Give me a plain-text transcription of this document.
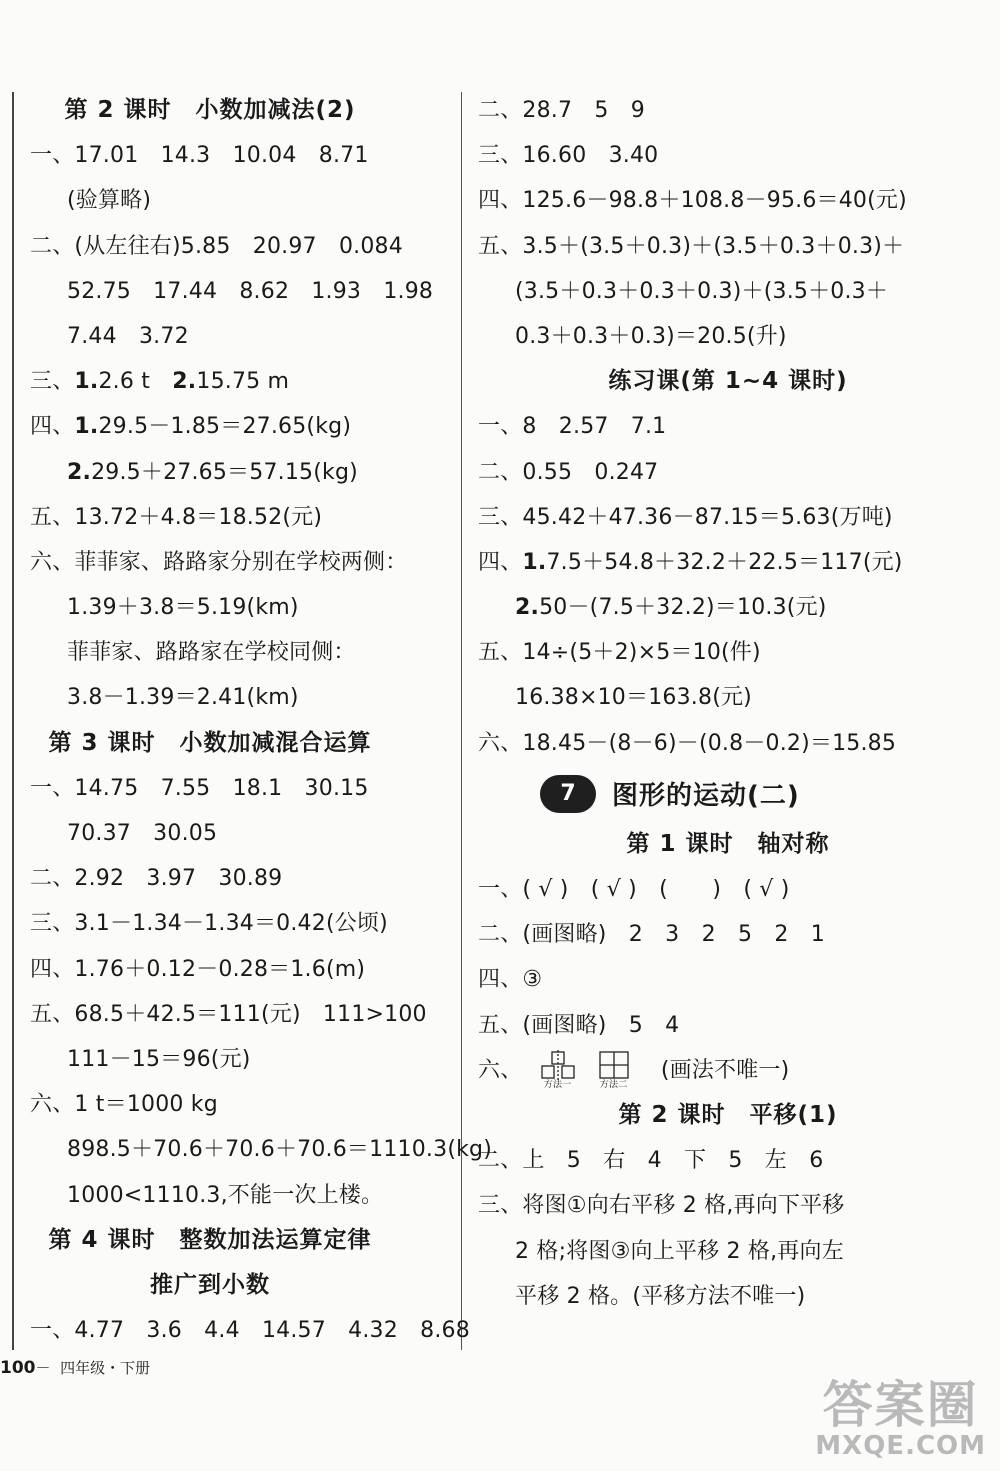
第 2 课时　小数加减法(2)
一、17.01　14.3　10.04　8.71
(验算略)
二、(从左往右)5.85　20.97　0.084
52.75　17.44　8.62　1.93　1.98
7.44　3.72
三、1.2.6 t　2.15.75 m
四、1.29.5－1.85＝27.65(kg)
2.29.5＋27.65＝57.15(kg)
五、13.72＋4.8＝18.52(元)
六、菲菲家、路路家分别在学校两侧：
1.39＋3.8＝5.19(km)
菲菲家、路路家在学校同侧：
3.8－1.39＝2.41(km)
第 3 课时　小数加减混合运算
一、14.75　7.55　18.1　30.15
70.37　30.05
二、2.92　3.97　30.89
三、3.1－1.34－1.34＝0.42(公顷)
四、1.76＋0.12－0.28＝1.6(m)
五、68.5＋42.5＝111(元)　111>100
111－15＝96(元)
六、1 t＝1000 kg
898.5＋70.6＋70.6＋70.6＝1110.3(kg)
1000<1110.3,不能一次上楼。
第 4 课时　整数加法运算定律
推广到小数
一、4.77　3.6　4.4　14.57　4.32　8.68
二、28.7　5　9
三、16.60　3.40
四、125.6－98.8＋108.8－95.6＝40(元)
五、3.5＋(3.5＋0.3)＋(3.5＋0.3＋0.3)＋
(3.5＋0.3＋0.3＋0.3)＋(3.5＋0.3＋
0.3＋0.3＋0.3)＝20.5(升)
练习课(第 1~4 课时)
一、8　2.57　7.1
二、0.55　0.247
三、45.42＋47.36－87.15＝5.63(万吨)
四、1.7.5＋54.8＋32.2＋22.5＝117(元)
2.50－(7.5＋32.2)＝10.3(元)
五、14÷(5＋2)×5＝10(件)
16.38×10＝163.8(元)
六、18.45－(8－6)－(0.8－0.2)＝15.85
7	图形的运动(二)
第 1 课时　轴对称
一、( √ )　( √ )　(　　)　( √ )
二、(画图略)　2　3　2　5　2　1
四、③
五、(画图略)　5　4
六、
方法一	方法二
(画法不唯一)
第 2 课时　平移(1)
二、上　5　右　4　下　5　左　6
三、将图①向右平移 2 格,再向下平移
2 格;将图③向上平移 2 格,再向左
平移 2 格。(平移方法不唯一)
100－ 四年级・下册
答案圈
MXQE.COM
